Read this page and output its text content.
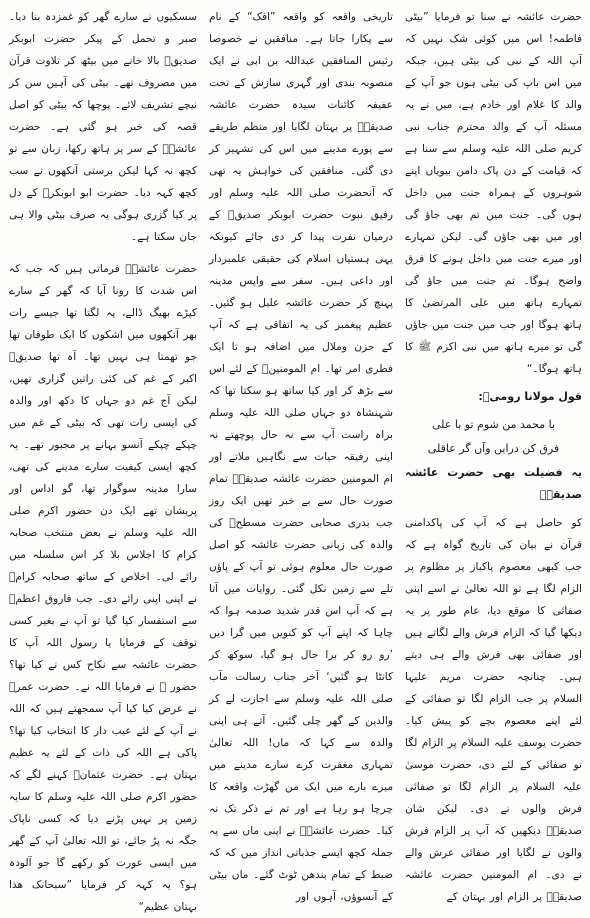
حضرت عائشہ نے سنا تو فرمایا ”بیٹی فاطمہ! اس میں کوئی شک نہیں کہ آپ اللہ کے نبی کی بیٹی ہیں، جبکہ میں اس باپ کی بیٹی ہوں جو آپ کے والد کا غلام اور خادم ہے، میں نے یہ مسئلہ آپ کے والد محترم جناب نبی کریم صلی اللہ علیہ وسلم سے سنا ہے کہ قیامت کے دن پاک دامن بیویاں اپنے شوہروں کے ہمراہ جنت میں داخل ہوں گی۔ جنت میں تم بھی جاؤ گی اور میں بھی جاؤں گی۔ لیکن تمہارے اور میرے جنت میں داخل ہونے کا فرق واضح ہوگا۔ تم جنت میں جاؤ گی تمہارے ہاتھ میں علی المرتضیٰ کا ہاتھ ہوگا اور جب میں جنت میں جاؤں گی تو میرے ہاتھ میں نبی اکرم ﷺ کا ہاتھ ہوگا۔“

قول مولانا رومیؒ:

با محمد من شوم تو با علی

فرق کن درایں وآں گر عاقلی

یہ فضیلت بھی حضرت عائشہ صدیقہؓ

کو حاصل ہے کہ آپ کی پاکدامنی قرآن نے بیان کی تاریخ گواہ ہے کہ جب کبھی معصوم پاکباز پر مظلوم پر الزام لگا ہے تو اللہ تعالیٰ نے اسے اپنی صفائی کا موقع دیا، عام طور پر یہ دیکھا گیا کہ الزام فرش والے لگاتے ہیں اور صفائی بھی فرش والے ہی دیتے ہیں۔ چنانچہ حضرت مریم علیہا السلام پر جب الزام لگا تو صفائی کے لئے اپنے معصوم بچے کو پیش کیا۔ حضرت یوسف علیہ السلام پر الزام لگا تو صفائی کے لئے دی، حضرت موسیٰ علیہ السلام پر الزام لگا تو صفائی فرش والوں نے دی۔ لیکن شان صدیقہؓ دیکھیں کہ آپ پر الزام فرش والوں نے لگایا اور صفائی عرش والے نے دی۔ ام المومنین حضرت عائشہ صدیقہؓ پر الزام اور بہتان کے

تاریخی واقعہ کو واقعہ ”افک“ کے نام سے پکارا جاتا ہے۔ منافقین نے خصوصا رئیس المنافقین عبداللہ بن ابی نے ایک منصوبہ بندی اور گہری سازش کے تحت عفیفہ کائنات سیدہ حضرت عائشہ صدیقہؓ پر بہتان لگایا اور منظم طریقے سے پورے مدینے میں اس کی تشہیر کر دی گئی۔ منافقین کی خواہش یہ تھی کہ آنحضرت صلی اللہ علیہ وسلم اور رفیق نبوت حضرت ابوبکر صدیقؓ کے درمیان نفرت پیدا کر دی جائے کیونکہ یہی ہستیاں اسلام کی حقیقی علمبردار اور داعی ہیں۔ سفر سے واپس مدینہ پہنچ کر حضرت عائشہ علیل ہو گئیں۔ عظیم پیغمبر کی یہ اتفاقی ہے کہ آپ کے حزن وملال میں اضافہ ہو تا ایک فطری امر تھا۔ ام المومنینؓ کے لئے اس سے بڑھ کر اور کیا ساتھ ہو سکتا تھا کہ شہنشاہ دو جہاں صلی اللہ علیہ وسلم براہ راست آپ سے نہ حال پوچھتے نہ اپنی رفیقہ حیات سے نگاہیں ملاتے اور ام المومنین حضرت عائشہ صدیقہؓ تمام صورت حال سے بے خبر تھیں ایک روز جب بدری صحابی حضرت مسطحؓ کی والدہ کی زبانی حضرت عائشہ کو اصل صورت حال معلوم ہوئی تو آپ کے پاؤں تلے سے زمین نکل گئی۔ روایات میں آتا ہے کہ آپ اس قدر شدید صدمہ ہوا کہ چاہا کہ اپنے آپ کو کنویں میں گرا دیں ’رو رو کر برا حال ہو گیا، سوکھ کر کانٹا ہو گئیں‘ آخر جناب رسالت مآب صلی اللہ علیہ وسلم سے اجازت لے کر والدین کے گھر چلی گئیں۔ آتے ہی اپنی والدہ سے کہا کہ ماں! اللہ تعالیٰ تمہاری مغفرت کرے سارے مدینے میں میرے بارے میں ایک من گھڑت واقعہ کا چرچا ہو رہا ہے اور تم نے ذکر تک نہ کیا۔ حضرت عائشہؓ نے اپنی ماں سے یہ جملہ کچھ ایسے جذباتی انداز میں کہ کہ ضبط کے تمام بندھن ٹوٹ گئے۔ ماں بیٹی کے آنسوؤں، آہوں اور

سسکیوں نے سارے گھر کو غمزدہ بنا دیا۔ صبر و تحمل کے پیکر حضرت ابوبکر صدیقؓ بالا خانے میں بیٹھ کر تلاوت قرآن میں مصروف تھے۔ بیٹی کی آہیں سن کر نیچے تشریف لائے۔ پوچھا کہ بیٹی کو اصل قصہ کی خبر ہو گئی ہے۔ حضرت عائشہؓ کے سر پر ہاتھ رکھا، زبان سے تو کچھ نہ کہا لیکن برستی آنکھوں نے سب کچھ کہہ دیا۔ حضرت ابو ابوبکرؓ کے دل پر کیا گزری ہوگی یہ صرف بیٹی والا ہی جان سکتا ہے۔

حضرت عائشہؓ فرماتی ہیں کہ جب کہ اس شدت کا رونا آیا کہ گھر کے سارے کپڑے بھیگ ڈالے، یہ لگتا تھا جیسے رات بھر آنکھوں میں اشکوں کا ایک طوفان تھا جو تھمتا ہی نہیں تھا۔ آہ تھا صدیقؓ اکبر کے غم کی کئی راتیں گزاری تھیں، لیکن آج غم دو جہاں کا دکھ اور والدہ کی ایسی رات تھی کہ بیٹی کے غم میں چپکے چپکے آنسو بہانے پر مجبور تھے۔ یہ کچھ ایسی کیفیت سارے مدینے کی تھی، سارا مدینہ سوگوار تھا، گو اداس اور پریشان تھے ایک دن حضور اکرم صلی اللہ علیہ وسلم نے بعض منتخب صحابہ کرام کا اجلاس بلا کر اس سلسلہ میں رائے لی۔ اخلاص کے ساتھ صحابہ کرامؓ نے اپنی اپنی رائے دی۔ جب فاروق اعظمؓ سے استفسار کیا گیا تو آپ نے بغیر کسی توقف کے فرمایا یا رسول اللہ آپ کا حضرت عائشہ سے نکاح کس نے کیا تھا؟ حضور ﷺ نے فرمایا اللہ نے۔ حضرت عمرؓ نے عرض کیا کیا آپ سمجھتے ہیں کہ اللہ نے آپ کے لئے عیب دار کا انتخاب کیا تھا؟ پاکی ہے اللہ کی ذات کے لئے یہ عظیم بہتان ہے۔ حضرت عثمانؓ کہنے لگے کہ حضور اکرم صلی اللہ علیہ وسلم کا سایہ زمین پر نہیں پڑنے دیا کہ کسی ناپاک جگہ نہ پڑ جائے، تو اللہ تعالیٰ آپ کے گھر میں ایسی عورت کو رکھے گا جو آلودہ ہو؟ یہ کہہ کر فرمایا ”سبحانک ھذا بہتان عظیم“
